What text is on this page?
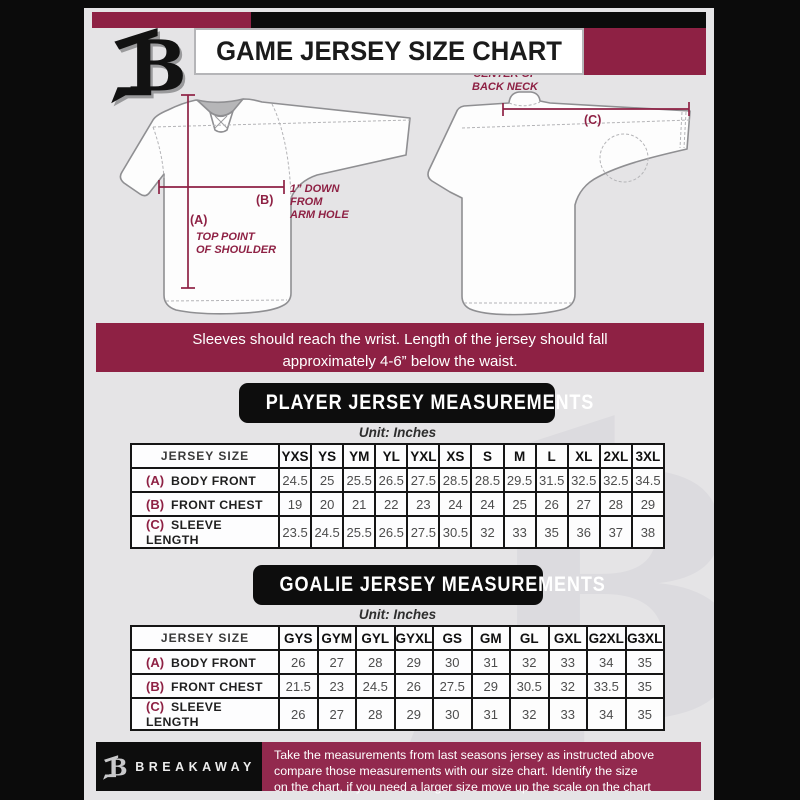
GAME JERSEY SIZE CHART
(A)
TOP POINT
OF SHOULDER
(B)
1” DOWN
FROM
ARM HOLE
(C)
BACK NECK
Sleeves should reach the wrist. Length of the jersey should fall
approximately 4-6” below the waist.
PLAYER JERSEY MEASUREMENTS
Unit: Inches
JERSEY SIZE	YXS	YS	YM	YL	YXL	XS	S	M	L	XL	2XL	3XL
(A) BODY FRONT	24.5	25	25.5	26.5	27.5	28.5	28.5	29.5	31.5	32.5	32.5	34.5
(B) FRONT CHEST	19	20	21	22	23	24	24	25	26	27	28	29
(C) SLEEVE LENGTH	23.5	24.5	25.5	26.5	27.5	30.5	32	33	35	36	37	38
GOALIE JERSEY MEASUREMENTS
Unit: Inches
JERSEY SIZE	GYS	GYM	GYL	GYXL	GS	GM	GL	GXL	G2XL	G3XL
(A) BODY FRONT	26	27	28	29	30	31	32	33	34	35
(B) FRONT CHEST	21.5	23	24.5	26	27.5	29	30.5	32	33.5	35
(C) SLEEVE LENGTH	26	27	28	29	30	31	32	33	34	35
BREAKAWAY
Take the measurements from last seasons jersey as instructed above
compare those measurements with our size chart. Identify the size
on the chart, if you need a larger size move up the scale on the chart
